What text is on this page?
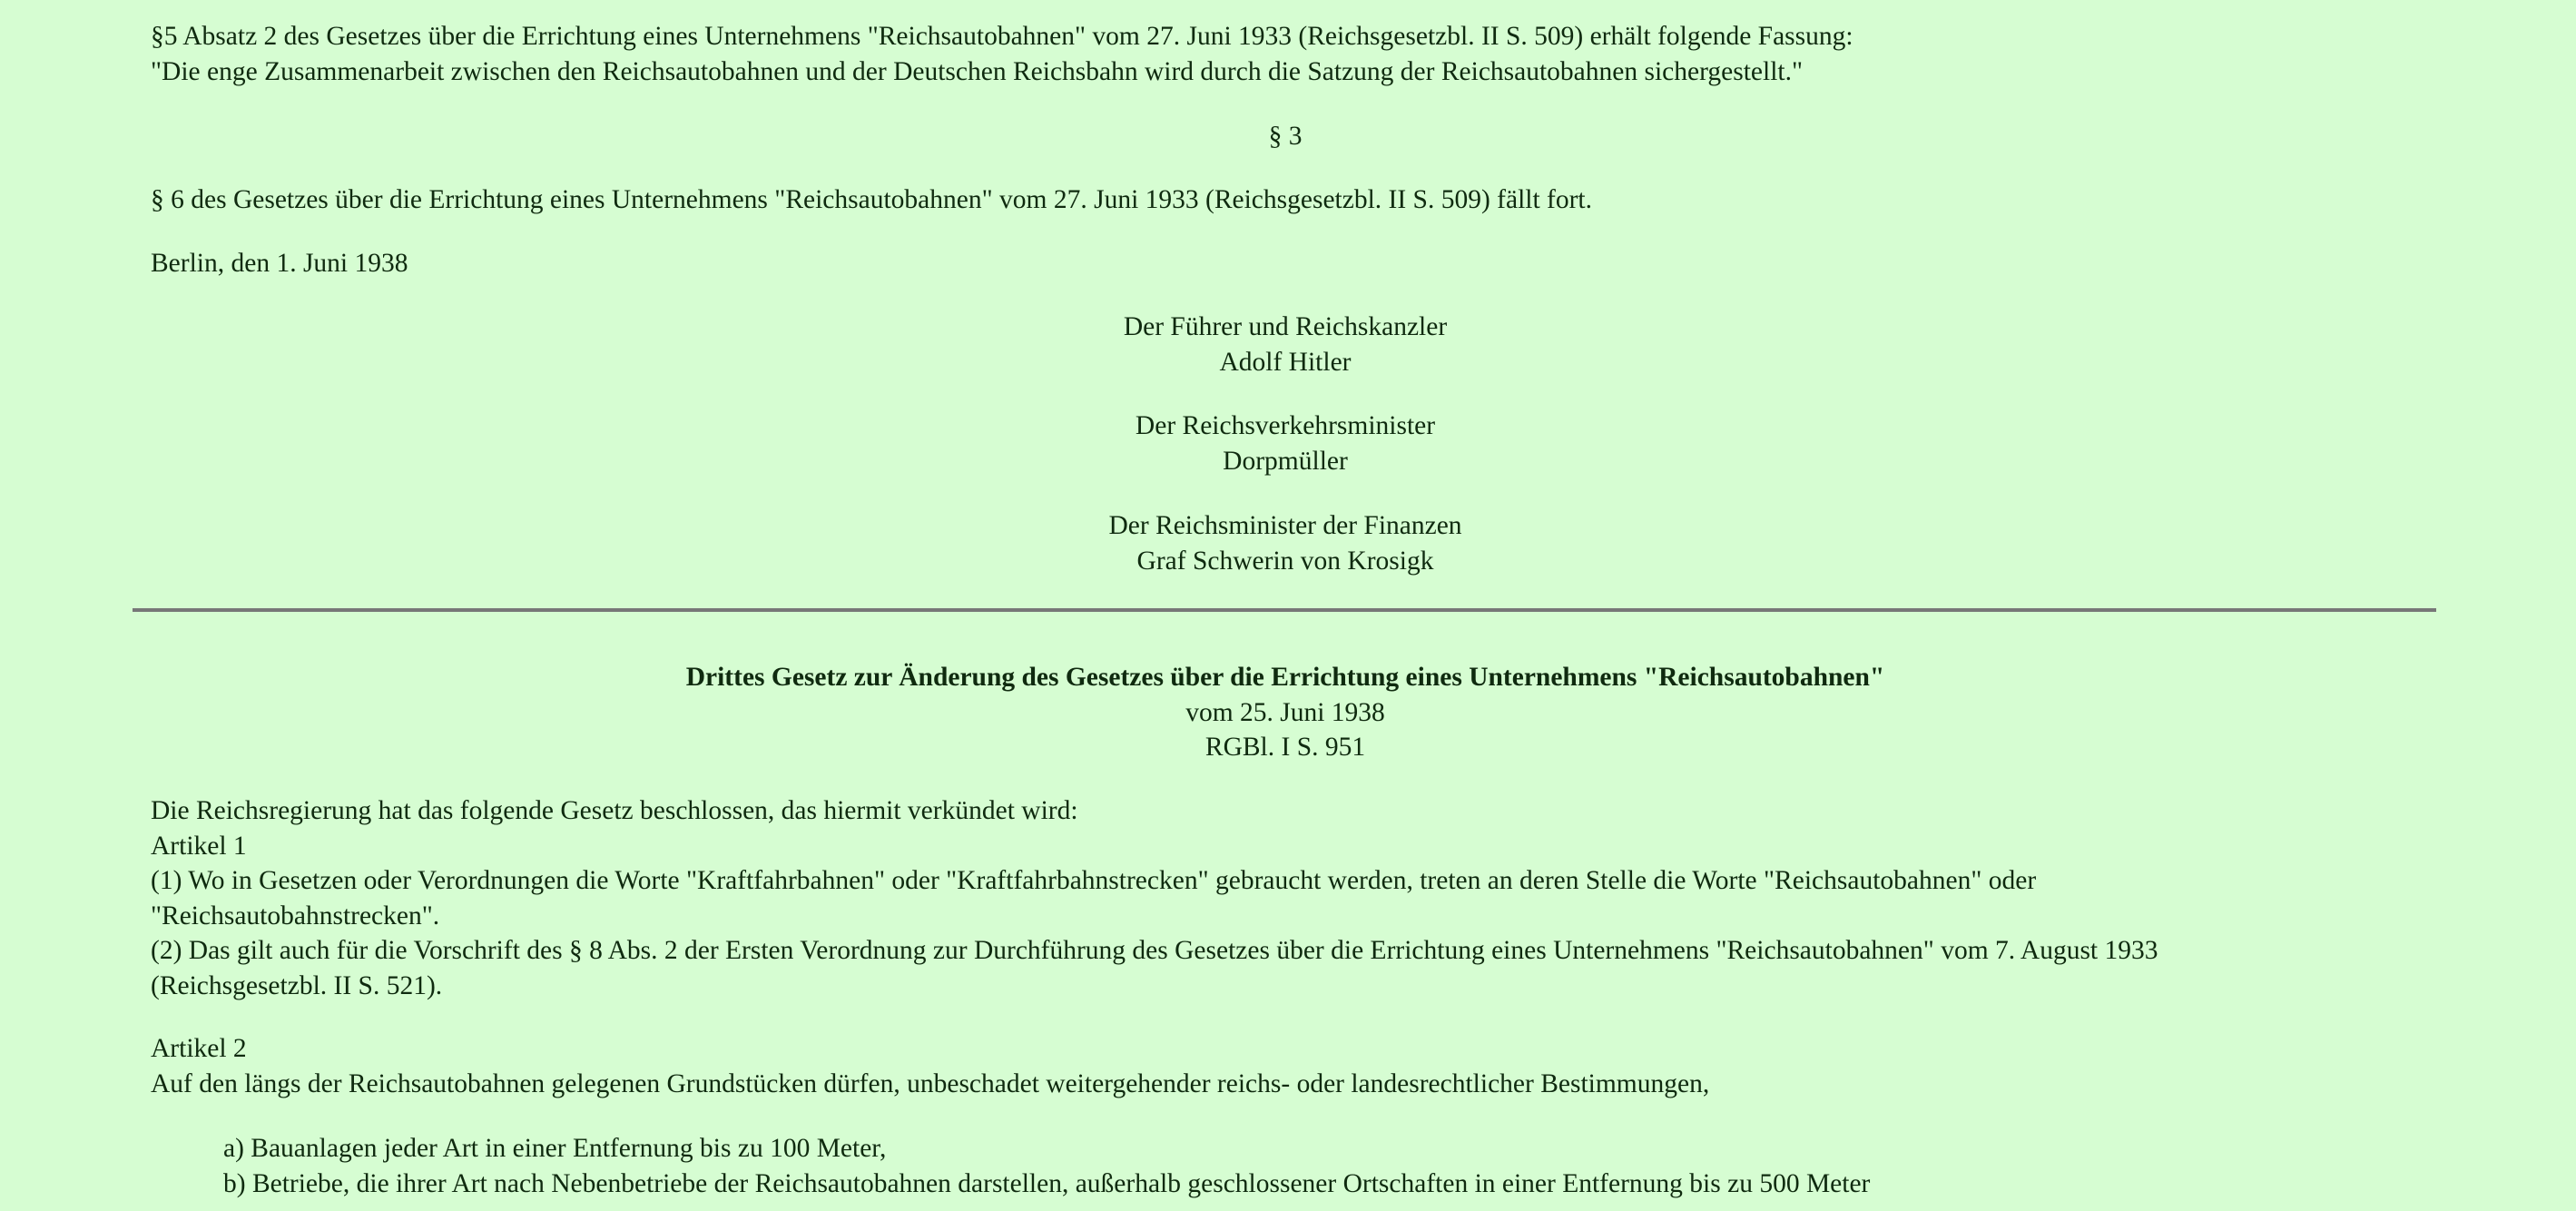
§5 Absatz 2 des Gesetzes über die Errichtung eines Unternehmens "Reichsautobahnen" vom 27. Juni 1933 (Reichsgesetzbl. II S. 509) erhält folgende Fassung:
"Die enge Zusammenarbeit zwischen den Reichsautobahnen und der Deutschen Reichsbahn wird durch die Satzung der Reichsautobahnen sichergestellt."
§ 3
§ 6 des Gesetzes über die Errichtung eines Unternehmens "Reichsautobahnen" vom 27. Juni 1933 (Reichsgesetzbl. II S. 509) fällt fort.
Berlin, den 1. Juni 1938
Der Führer und Reichskanzler
Adolf Hitler
Der Reichsverkehrsminister
Dorpmüller
Der Reichsminister der Finanzen
Graf Schwerin von Krosigk
Drittes Gesetz zur Änderung des Gesetzes über die Errichtung eines Unternehmens "Reichsautobahnen"
vom 25. Juni 1938
RGBl. I S. 951
Die Reichsregierung hat das folgende Gesetz beschlossen, das hiermit verkündet wird:
Artikel 1
(1) Wo in Gesetzen oder Verordnungen die Worte "Kraftfahrbahnen" oder "Kraftfahrbahnstrecken" gebraucht werden, treten an deren Stelle die Worte "Reichsautobahnen" oder
"Reichsautobahnstrecken".
(2) Das gilt auch für die Vorschrift des § 8 Abs. 2 der Ersten Verordnung zur Durchführung des Gesetzes über die Errichtung eines Unternehmens "Reichsautobahnen" vom 7. August 1933
(Reichsgesetzbl. II S. 521).
Artikel 2
Auf den längs der Reichsautobahnen gelegenen Grundstücken dürfen, unbeschadet weitergehender reichs- oder landesrechtlicher Bestimmungen,
a) Bauanlagen jeder Art in einer Entfernung bis zu 100 Meter,
b) Betriebe, die ihrer Art nach Nebenbetriebe der Reichsautobahnen darstellen, außerhalb geschlossener Ortschaften in einer Entfernung bis zu 500 Meter
